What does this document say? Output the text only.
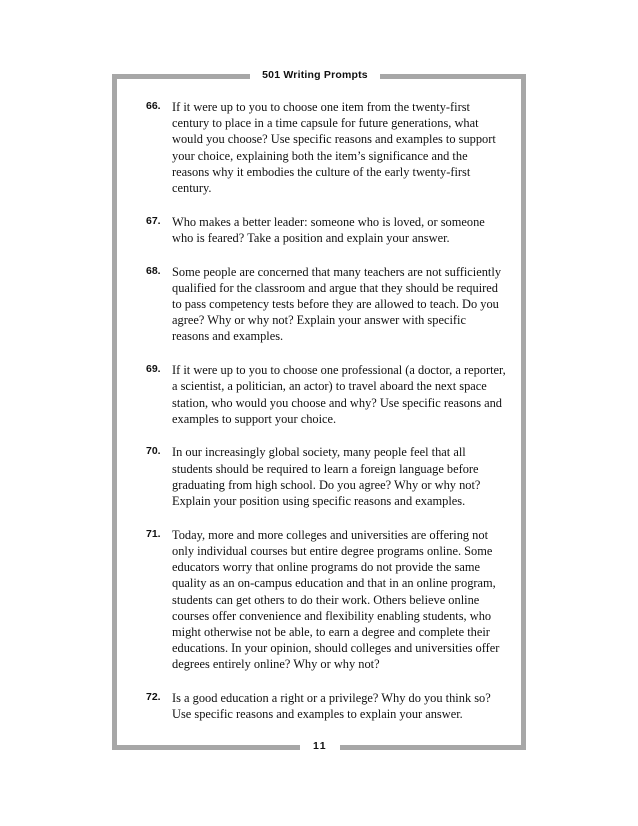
501 Writing Prompts
66. If it were up to you to choose one item from the twenty-first century to place in a time capsule for future generations, what would you choose? Use specific reasons and examples to support your choice, explaining both the item’s significance and the reasons why it embodies the culture of the early twenty-first century.
67. Who makes a better leader: someone who is loved, or someone who is feared? Take a position and explain your answer.
68. Some people are concerned that many teachers are not sufficiently qualified for the classroom and argue that they should be required to pass competency tests before they are allowed to teach. Do you agree? Why or why not? Explain your answer with specific reasons and examples.
69. If it were up to you to choose one professional (a doctor, a reporter, a scientist, a politician, an actor) to travel aboard the next space station, who would you choose and why? Use specific reasons and examples to support your choice.
70. In our increasingly global society, many people feel that all students should be required to learn a foreign language before graduating from high school. Do you agree? Why or why not? Explain your position using specific reasons and examples.
71. Today, more and more colleges and universities are offering not only individual courses but entire degree programs online. Some educators worry that online programs do not provide the same quality as an on-campus education and that in an online program, students can get others to do their work. Others believe online courses offer convenience and flexibility enabling students, who might otherwise not be able, to earn a degree and complete their educations. In your opinion, should colleges and universities offer degrees entirely online? Why or why not?
72. Is a good education a right or a privilege? Why do you think so? Use specific reasons and examples to explain your answer.
11
